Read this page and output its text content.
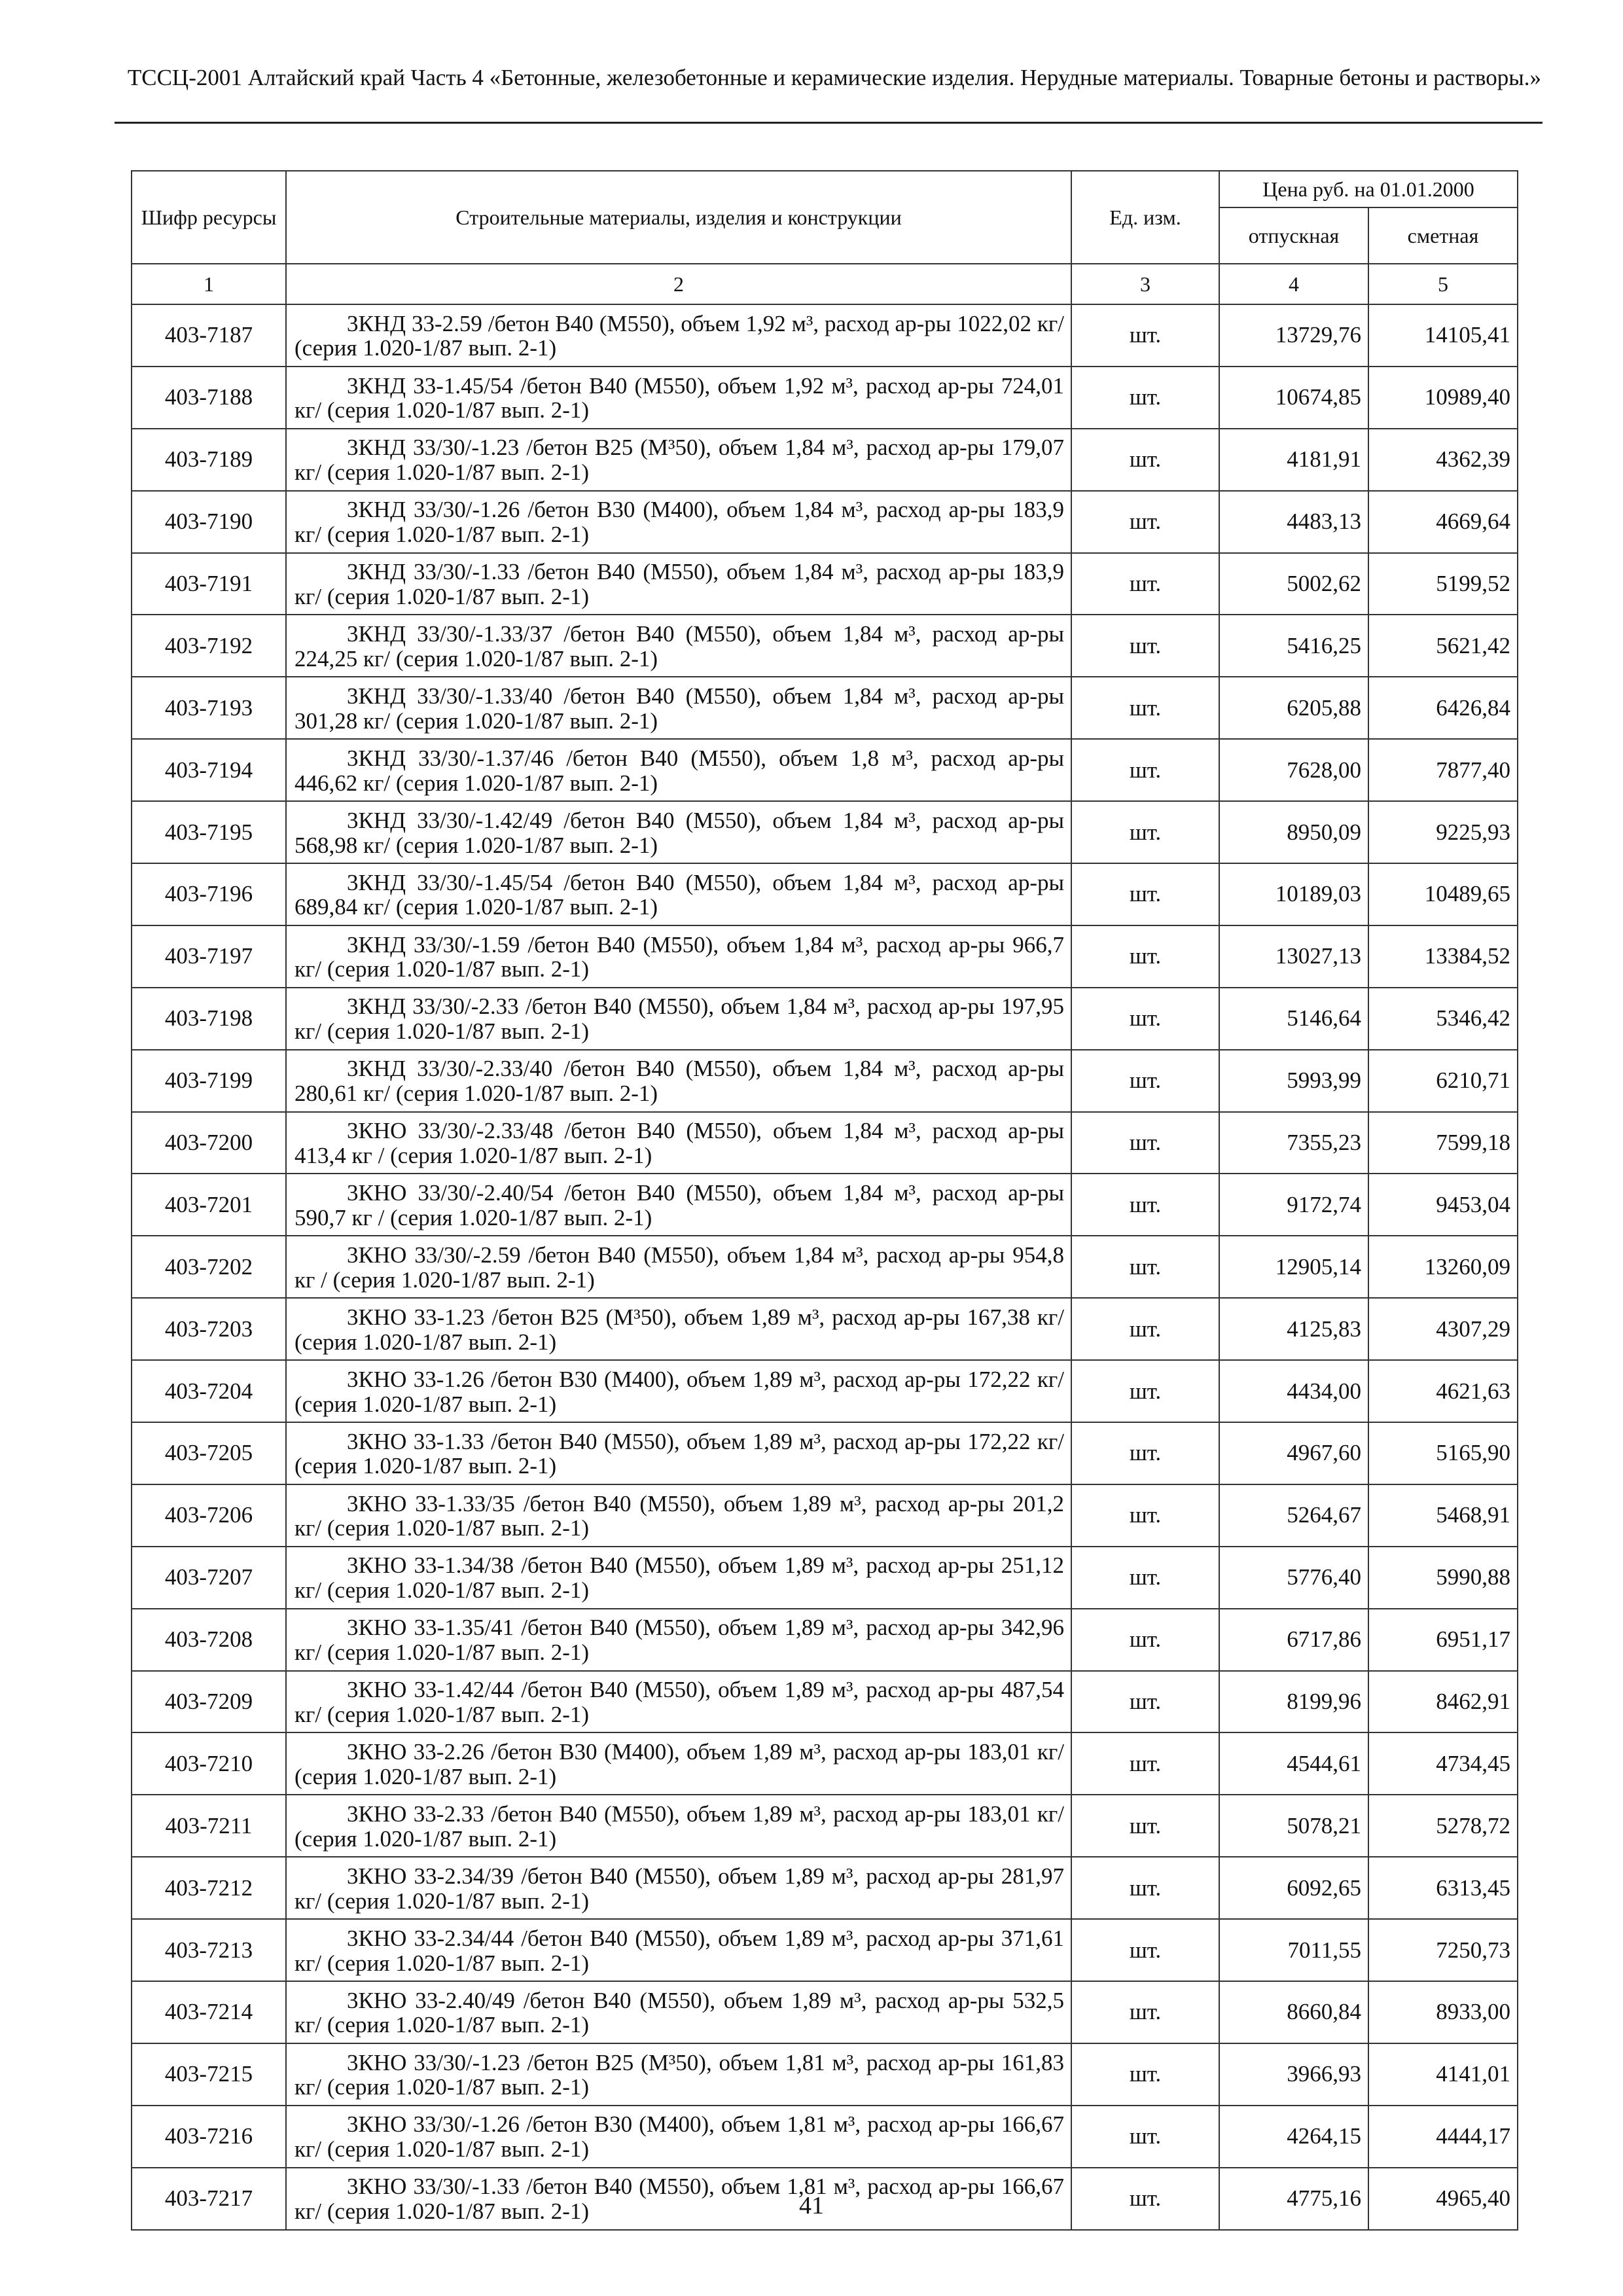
ТССЦ-2001 Алтайский край Часть 4 «Бетонные, железобетонные и керамические изделия. Нерудные материалы. Товарные бетоны и растворы.»
Шифр ресурсы	Строительные материалы, изделия и конструкции	Ед. изм.	Цена руб. на 01.01.2000	
			отпускная	сметная
1	2	3	4	5
403-7187	3КНД 33-2.59 /бетон В40 (М550), объем 1,92 м³, расход ар-ры 1022,02 кг/ (серия 1.020-1/87 вып. 2-1)	шт.	13729,76	14105,41
403-7188	3КНД 33-1.45/54 /бетон В40 (М550), объем 1,92 м³, расход ар-ры 724,01 кг/ (серия 1.020-1/87 вып. 2-1)	шт.	10674,85	10989,40
403-7189	3КНД 33/30/-1.23 /бетон В25 (М³50), объем 1,84 м³, расход ар-ры 179,07 кг/ (серия 1.020-1/87 вып. 2-1)	шт.	4181,91	4362,39
403-7190	3КНД 33/30/-1.26 /бетон В30 (М400), объем 1,84 м³, расход ар-ры 183,9 кг/ (серия 1.020-1/87 вып. 2-1)	шт.	4483,13	4669,64
403-7191	3КНД 33/30/-1.33 /бетон В40 (М550), объем 1,84 м³, расход ар-ры 183,9 кг/ (серия 1.020-1/87 вып. 2-1)	шт.	5002,62	5199,52
403-7192	3КНД 33/30/-1.33/37 /бетон В40 (М550), объем 1,84 м³, расход ар-ры 224,25 кг/ (серия 1.020-1/87 вып. 2-1)	шт.	5416,25	5621,42
403-7193	3КНД 33/30/-1.33/40 /бетон В40 (М550), объем 1,84 м³, расход ар-ры 301,28 кг/ (серия 1.020-1/87 вып. 2-1)	шт.	6205,88	6426,84
403-7194	3КНД 33/30/-1.37/46 /бетон В40 (М550), объем 1,8 м³, расход ар-ры 446,62 кг/ (серия 1.020-1/87 вып. 2-1)	шт.	7628,00	7877,40
403-7195	3КНД 33/30/-1.42/49 /бетон В40 (М550), объем 1,84 м³, расход ар-ры 568,98 кг/ (серия 1.020-1/87 вып. 2-1)	шт.	8950,09	9225,93
403-7196	3КНД 33/30/-1.45/54 /бетон В40 (М550), объем 1,84 м³, расход ар-ры 689,84 кг/ (серия 1.020-1/87 вып. 2-1)	шт.	10189,03	10489,65
403-7197	3КНД 33/30/-1.59 /бетон В40 (М550), объем 1,84 м³, расход ар-ры 966,7 кг/ (серия 1.020-1/87 вып. 2-1)	шт.	13027,13	13384,52
403-7198	3КНД 33/30/-2.33 /бетон В40 (М550), объем 1,84 м³, расход ар-ры 197,95 кг/ (серия 1.020-1/87 вып. 2-1)	шт.	5146,64	5346,42
403-7199	3КНД 33/30/-2.33/40 /бетон В40 (М550), объем 1,84 м³, расход ар-ры 280,61 кг/ (серия 1.020-1/87 вып. 2-1)	шт.	5993,99	6210,71
403-7200	3КНО 33/30/-2.33/48 /бетон В40 (М550), объем 1,84 м³, расход ар-ры 413,4 кг / (серия 1.020-1/87 вып. 2-1)	шт.	7355,23	7599,18
403-7201	3КНО 33/30/-2.40/54 /бетон В40 (М550), объем 1,84 м³, расход ар-ры 590,7 кг / (серия 1.020-1/87 вып. 2-1)	шт.	9172,74	9453,04
403-7202	3КНО 33/30/-2.59 /бетон В40 (М550), объем 1,84 м³, расход ар-ры 954,8 кг / (серия 1.020-1/87 вып. 2-1)	шт.	12905,14	13260,09
403-7203	3КНО 33-1.23 /бетон В25 (М³50), объем 1,89 м³, расход ар-ры 167,38 кг/ (серия 1.020-1/87 вып. 2-1)	шт.	4125,83	4307,29
403-7204	3КНО 33-1.26 /бетон В30 (М400), объем 1,89 м³, расход ар-ры 172,22 кг/ (серия 1.020-1/87 вып. 2-1)	шт.	4434,00	4621,63
403-7205	3КНО 33-1.33 /бетон В40 (М550), объем 1,89 м³, расход ар-ры 172,22 кг/ (серия 1.020-1/87 вып. 2-1)	шт.	4967,60	5165,90
403-7206	3КНО 33-1.33/35 /бетон В40 (М550), объем 1,89 м³, расход ар-ры 201,2 кг/ (серия 1.020-1/87 вып. 2-1)	шт.	5264,67	5468,91
403-7207	3КНО 33-1.34/38 /бетон В40 (М550), объем 1,89 м³, расход ар-ры 251,12 кг/ (серия 1.020-1/87 вып. 2-1)	шт.	5776,40	5990,88
403-7208	3КНО 33-1.35/41 /бетон В40 (М550), объем 1,89 м³, расход ар-ры 342,96 кг/ (серия 1.020-1/87 вып. 2-1)	шт.	6717,86	6951,17
403-7209	3КНО 33-1.42/44 /бетон В40 (М550), объем 1,89 м³, расход ар-ры 487,54 кг/ (серия 1.020-1/87 вып. 2-1)	шт.	8199,96	8462,91
403-7210	3КНО 33-2.26 /бетон В30 (М400), объем 1,89 м³, расход ар-ры 183,01 кг/ (серия 1.020-1/87 вып. 2-1)	шт.	4544,61	4734,45
403-7211	3КНО 33-2.33 /бетон В40 (М550), объем 1,89 м³, расход ар-ры 183,01 кг/ (серия 1.020-1/87 вып. 2-1)	шт.	5078,21	5278,72
403-7212	3КНО 33-2.34/39 /бетон В40 (М550), объем 1,89 м³, расход ар-ры 281,97 кг/ (серия 1.020-1/87 вып. 2-1)	шт.	6092,65	6313,45
403-7213	3КНО 33-2.34/44 /бетон В40 (М550), объем 1,89 м³, расход ар-ры 371,61 кг/ (серия 1.020-1/87 вып. 2-1)	шт.	7011,55	7250,73
403-7214	3КНО 33-2.40/49 /бетон В40 (М550), объем 1,89 м³, расход ар-ры 532,5 кг/ (серия 1.020-1/87 вып. 2-1)	шт.	8660,84	8933,00
403-7215	3КНО 33/30/-1.23 /бетон В25 (М³50), объем 1,81 м³, расход ар-ры 161,83 кг/ (серия 1.020-1/87 вып. 2-1)	шт.	3966,93	4141,01
403-7216	3КНО 33/30/-1.26 /бетон В30 (М400), объем 1,81 м³, расход ар-ры 166,67 кг/ (серия 1.020-1/87 вып. 2-1)	шт.	4264,15	4444,17
403-7217	3КНО 33/30/-1.33 /бетон В40 (М550), объем 1,81 м³, расход ар-ры 166,67 кг/ (серия 1.020-1/87 вып. 2-1)	шт.	4775,16	4965,40
41
